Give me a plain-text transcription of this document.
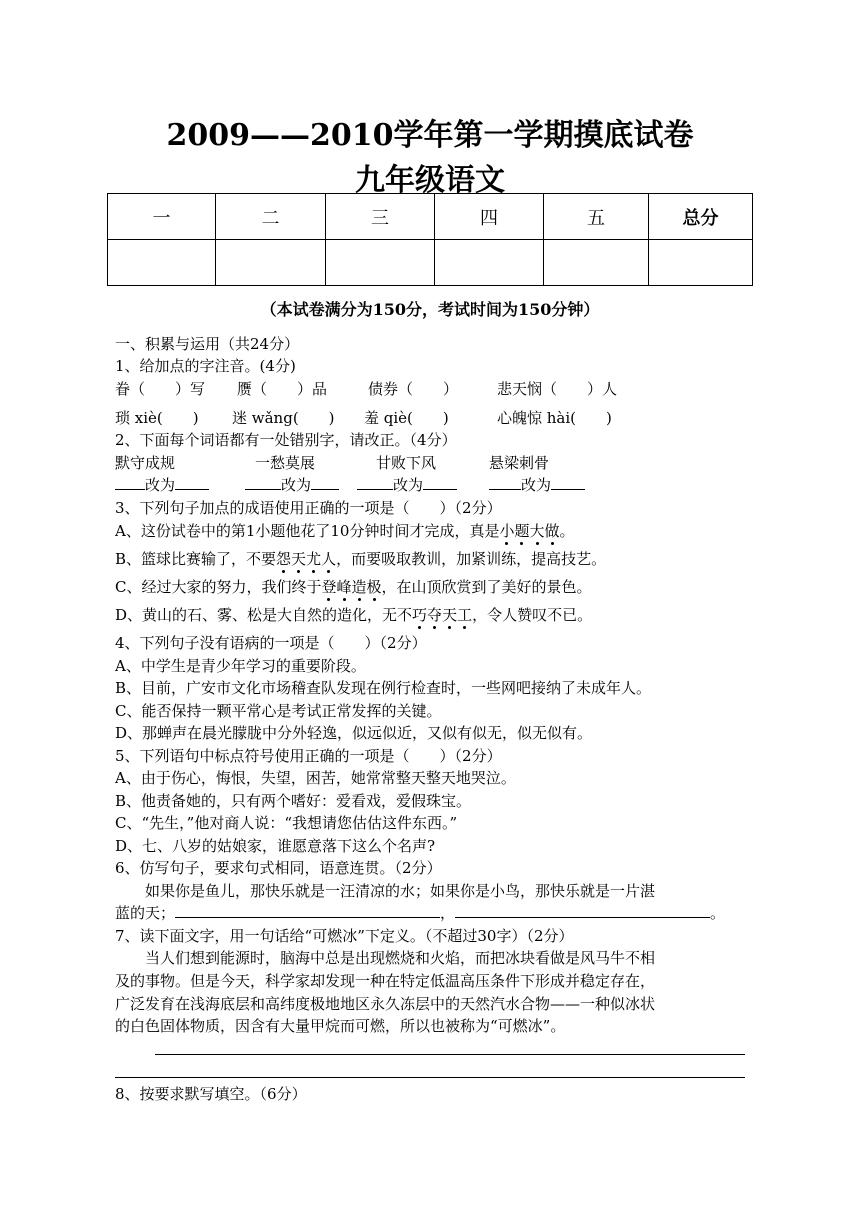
2009——2010学年第一学期摸底试卷
九年级语文
一	二	三	四	五	总分

（本试卷满分为150分，考试时间为150分钟）
一、积累与运用（共24分）
1、给加点的字注音。(4分)
眷（　　）写 赝（　　）品	债券（　　）	悲天悯（　　）人
琐 xiè(　　) 迷 wǎng(　　) 羞 qiè(　　)	心魄惊 hài(　　)
2、下面每个词语都有一处错别字，请改正。（4分）
默守成规	一愁莫展	甘败下风	悬梁刺骨
改为	改为	改为	改为
3、下列句子加点的成语使用正确的一项是（　　）（2分）
A、这份试卷中的第1小题他花了10分钟时间才完成，真是小题大做。
B、篮球比赛输了，不要怨天尤人，而要吸取教训，加紧训练，提高技艺。
C、经过大家的努力，我们终于登峰造极，在山顶欣赏到了美好的景色。
D、黄山的石、雾、松是大自然的造化，无不巧夺天工，令人赞叹不已。
4、下列句子没有语病的一项是（　　）（2分）
A、中学生是青少年学习的重要阶段。
B、目前，广安市文化市场稽查队发现在例行检查时，一些网吧接纳了未成年人。
C、能否保持一颗平常心是考试正常发挥的关键。
D、那蝉声在晨光朦胧中分外轻逸，似远似近，又似有似无，似无似有。
5、下列语句中标点符号使用正确的一项是（　　）（2分）
A、由于伤心，悔恨，失望，困苦，她常常整天整天地哭泣。
B、他责备她的，只有两个嗜好：爱看戏，爱假珠宝。
C、“先生，”他对商人说：“我想请您估估这件东西。”
D、七、八岁的姑娘家，谁愿意落下这么个名声?
6、仿写句子，要求句式相同，语意连贯。（2分）
如果你是鱼儿，那快乐就是一汪清凉的水；如果你是小鸟，那快乐就是一片湛
蓝的天；	，	。
7、读下面文字，用一句话给“可燃冰”下定义。（不超过30字）（2分）
当人们想到能源时，脑海中总是出现燃烧和火焰，而把冰块看做是风马牛不相
及的事物。但是今天，科学家却发现一种在特定低温高压条件下形成并稳定存在，
广泛发育在浅海底层和高纬度极地地区永久冻层中的天然汽水合物——一种似冰状
的白色固体物质，因含有大量甲烷而可燃，所以也被称为“可燃冰”。
8、按要求默写填空。（6分）
